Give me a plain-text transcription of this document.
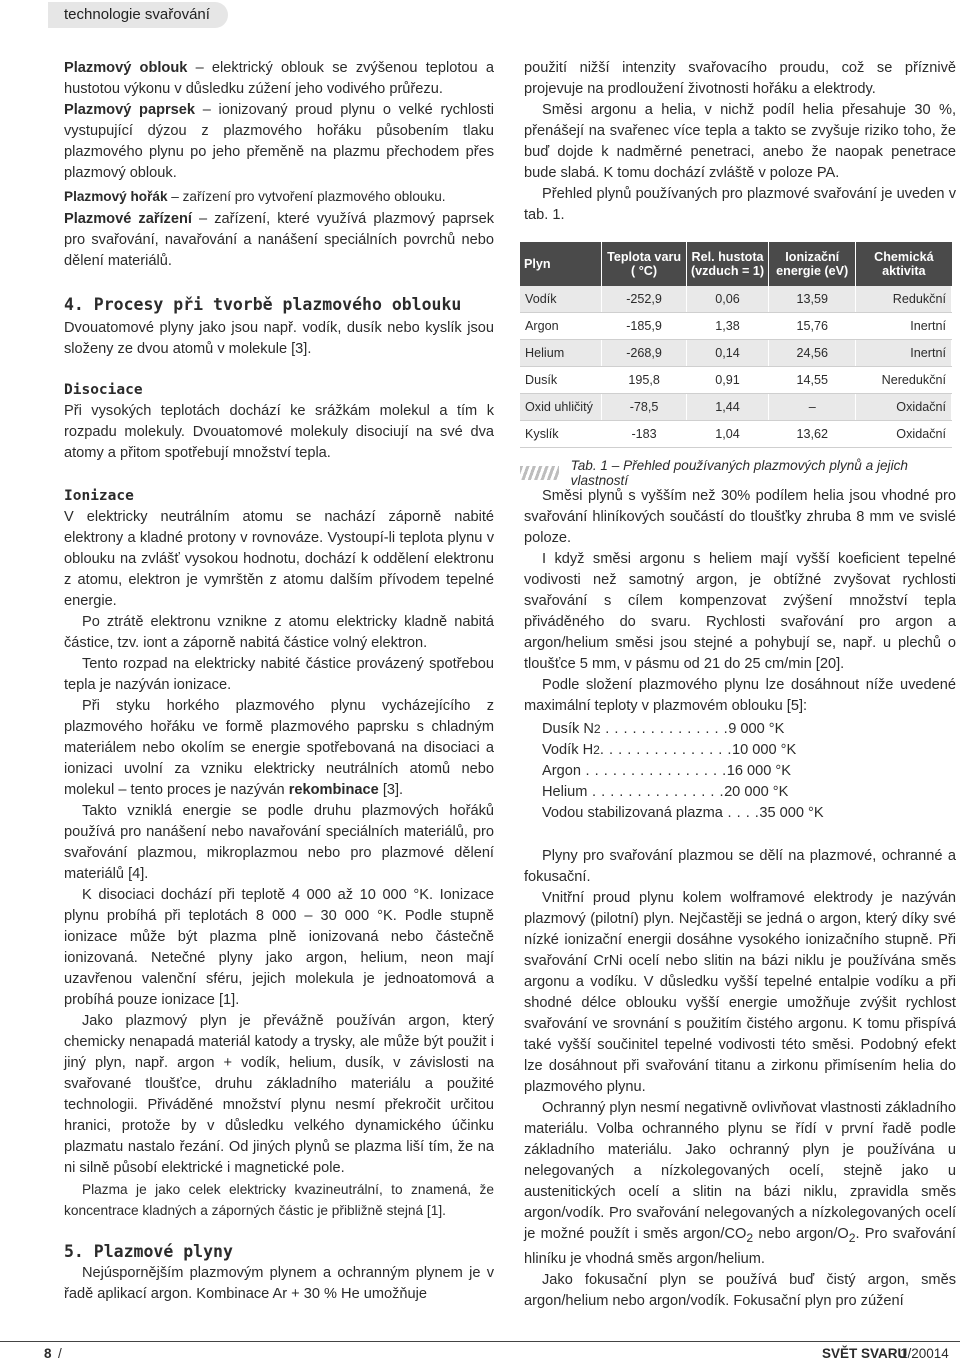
technologie svařování

Plazmový oblouk – elektrický oblouk se zvýšenou teplotou a hustotou výkonu v důsledku zúžení jeho vodivého průřezu.

Plazmový paprsek – ionizovaný proud plynu o velké rychlosti vystupující dýzou z plazmového hořáku působením tlaku plazmového plynu po jeho přeměně na plazmu přechodem přes plazmový oblouk.

Plazmový hořák – zařízení pro vytvoření plazmového oblouku.

Plazmové zařízení – zařízení, které využívá plazmový paprsek pro svařování, navařování a nanášení speciálních povrchů nebo dělení materiálů.

4. Procesy při tvorbě plazmového oblouku

Dvouatomové plyny jako jsou např. vodík, dusík nebo kyslík jsou složeny ze dvou atomů v molekule [3].

Disociace

Při vysokých teplotách dochází ke srážkám molekul a tím k rozpadu molekuly. Dvouatomové molekuly disociují na své dva atomy a přitom spotřebují množství tepla.

použití nižší intenzity svařovacího proudu, což se příznivě projevuje na prodloužení životnosti hořáku a elektrody.

Směsi argonu a helia, v nichž podíl helia přesahuje 30 %, přenášejí na svařenec více tepla a takto se zvyšuje riziko toho, že buď dojde k nadměrné penetraci, anebo že naopak penetrace bude slabá. K tomu dochází zvláště v poloze PA.

Přehled plynů používaných pro plazmové svařování je uveden v tab. 1.

Plyn	Teplota varu ( °C)	Rel. hustota (vzduch = 1)	Ionizační energie (eV)	Chemická aktivita
Vodík	-252,9	0,06	13,59	Redukční
Argon	-185,9	1,38	15,76	Inertní
Helium	-268,9	0,14	24,56	Inertní
Dusík	195,8	0,91	14,55	Neredukční
Oxid uhličitý	-78,5	1,44	–	Oxidační
Kyslík	-183	1,04	13,62	Oxidační
Tab. 1 – Přehled používaných plazmových plynů a jejich vlastností
Ionizace

V elektricky neutrálním atomu se nachází záporně nabité elektrony a kladné protony v rovnováze. Vystoupí-li teplota plynu v oblouku na zvlášť vysokou hodnotu, dochází k oddělení elektronu z atomu, elektron je vymrštěn z atomu dalším přívodem tepelné energie.

Po ztrátě elektronu vznikne z atomu elektricky kladně nabitá částice, tzv. iont a záporně nabitá částice volný elektron.

Tento rozpad na elektricky nabité částice provázený spotřebou tepla je nazýván ionizace.

Při styku horkého plazmového plynu vycházejícího z plazmového hořáku ve formě plazmového paprsku s chladným materiálem nebo okolím se energie spotřebovaná na disociaci a ionizaci uvolní za vzniku elektricky neutrálních atomů nebo molekul – tento proces je nazýván rekombinace [3].

Takto vzniklá energie se podle druhu plazmových hořáků používá pro nanášení nebo navařování speciálních materiálů, pro svařování plazmou, mikroplazmou nebo pro plazmové dělení materiálů [4].

K disociaci dochází při teplotě 4 000 až 10 000 °K. Ionizace plynu probíhá při teplotách 8 000 – 30 000 °K. Podle stupně ionizace může být plazma plně ionizovaná nebo částečně ionizovaná. Netečné plyny jako argon, helium, neon mají uzavřenou valenční sféru, jejich molekula je jednoatomová a probíhá pouze ionizace [1].

Jako plazmový plyn je převážně používán argon, který chemicky nenapadá materiál katody a trysky, ale může být použit i jiný plyn, např. argon + vodík, helium, dusík, v závislosti na svařované tloušťce, druhu základního materiálu a použité technologii. Přiváděné množství plynu nesmí překročit určitou hranici, protože by v důsledku velkého dynamického účinku plazmatu nastalo řezání. Od jiných plynů se plazma liší tím, že na ni silně působí elektrické i magnetické pole.

Plazma je jako celek elektricky kvazineutrální, to znamená, že koncentrace kladných a záporných částic je přibližně stejná [1].

5. Plazmové plyny

Nejúspornějším plazmovým plynem a ochranným plynem je v řadě aplikací argon. Kombinace Ar + 30 % He umožňuje

Směsi plynů s vyšším než 30% podílem helia jsou vhodné pro svařování hliníkových součástí do tloušťky zhruba 8 mm ve svislé poloze.

I když směsi argonu s heliem mají vyšší koeficient tepelné vodivosti než samotný argon, je obtížné zvyšovat rychlosti svařování s cílem kompenzovat zvýšení množství tepla přiváděného do svaru. Rychlosti svařování pro argon a argon/helium směsi jsou stejné a pohybují se, např. u plechů o tloušťce 5 mm, v pásmu od 21 do 25 cm/min [20].

Podle složení plazmového plynu lze dosáhnout níže uvedené maximální teploty v plazmovém oblouku [5]:

Dusík N 2 . . . . . . . . . . . . . . 9 000 °K
Vodík H 2 . . . . . . . . . . . . . . . 10 000 °K
Argon . . . . . . . . . . . . . . . . 16 000 °K
Helium . . . . . . . . . . . . . . . 20 000 °K
Vodou stabilizovaná plazma . . . . 35 000 °K

Plyny pro svařování plazmou se dělí na plazmové, ochranné a fokusační.

Vnitřní proud plynu kolem wolframové elektrody je nazýván plazmový (pilotní) plyn. Nejčastěji se jedná o argon, který díky své nízké ionizační energii dosáhne vysokého ionizačního stupně. Při svařování CrNi ocelí nebo slitin na bázi niklu je používána směs argonu a vodíku. V důsledku vyšší tepelné entalpie vodíku a při shodné délce oblouku vyšší energie umožňuje zvýšit rychlost svařování ve srovnání s použitím čistého argonu. K tomu přispívá také vyšší součinitel tepelné vodivosti této směsi. Podobný efekt lze dosáhnout při svařování titanu a zirkonu přimísením helia do plazmového plynu.

Ochranný plyn nesmí negativně ovlivňovat vlastnosti základního materiálu. Volba ochranného plynu se řídí v první řadě podle základního materiálu. Jako ochranný plyn je používána u nelegovaných a nízkolegovaných ocelí, stejně jako u austenitických ocelí a slitin na bázi niklu, zpravidla směs argon/vodík. Pro svařování nelegovaných a nízkolegovaných ocelí je možné použít i směs argon/$CO_2$ nebo argon/$O_2$. Pro svařování hliníku je vhodná směs argon/helium.

Jako fokusační plyn se používá buď čistý argon, směs argon/helium nebo argon/vodík. Fokusační plyn pro zúžení

8 /	SVĚT SVARU
1/20014
